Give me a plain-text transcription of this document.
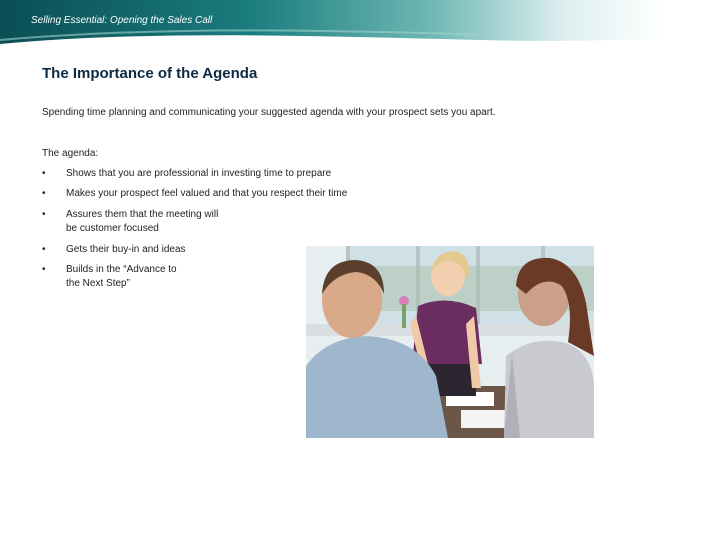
Selling Essential: Opening the Sales Call
The Importance of the Agenda
Spending time planning and communicating your suggested agenda with your prospect sets you apart.
The agenda:
•	Shows that you are professional in investing time to prepare
•	Makes your prospect feel valued and that you respect their time
•	Assures them that the meeting will be customer focused
•	Gets their buy-in and ideas
•	Builds in the “Advance to the Next Step”
